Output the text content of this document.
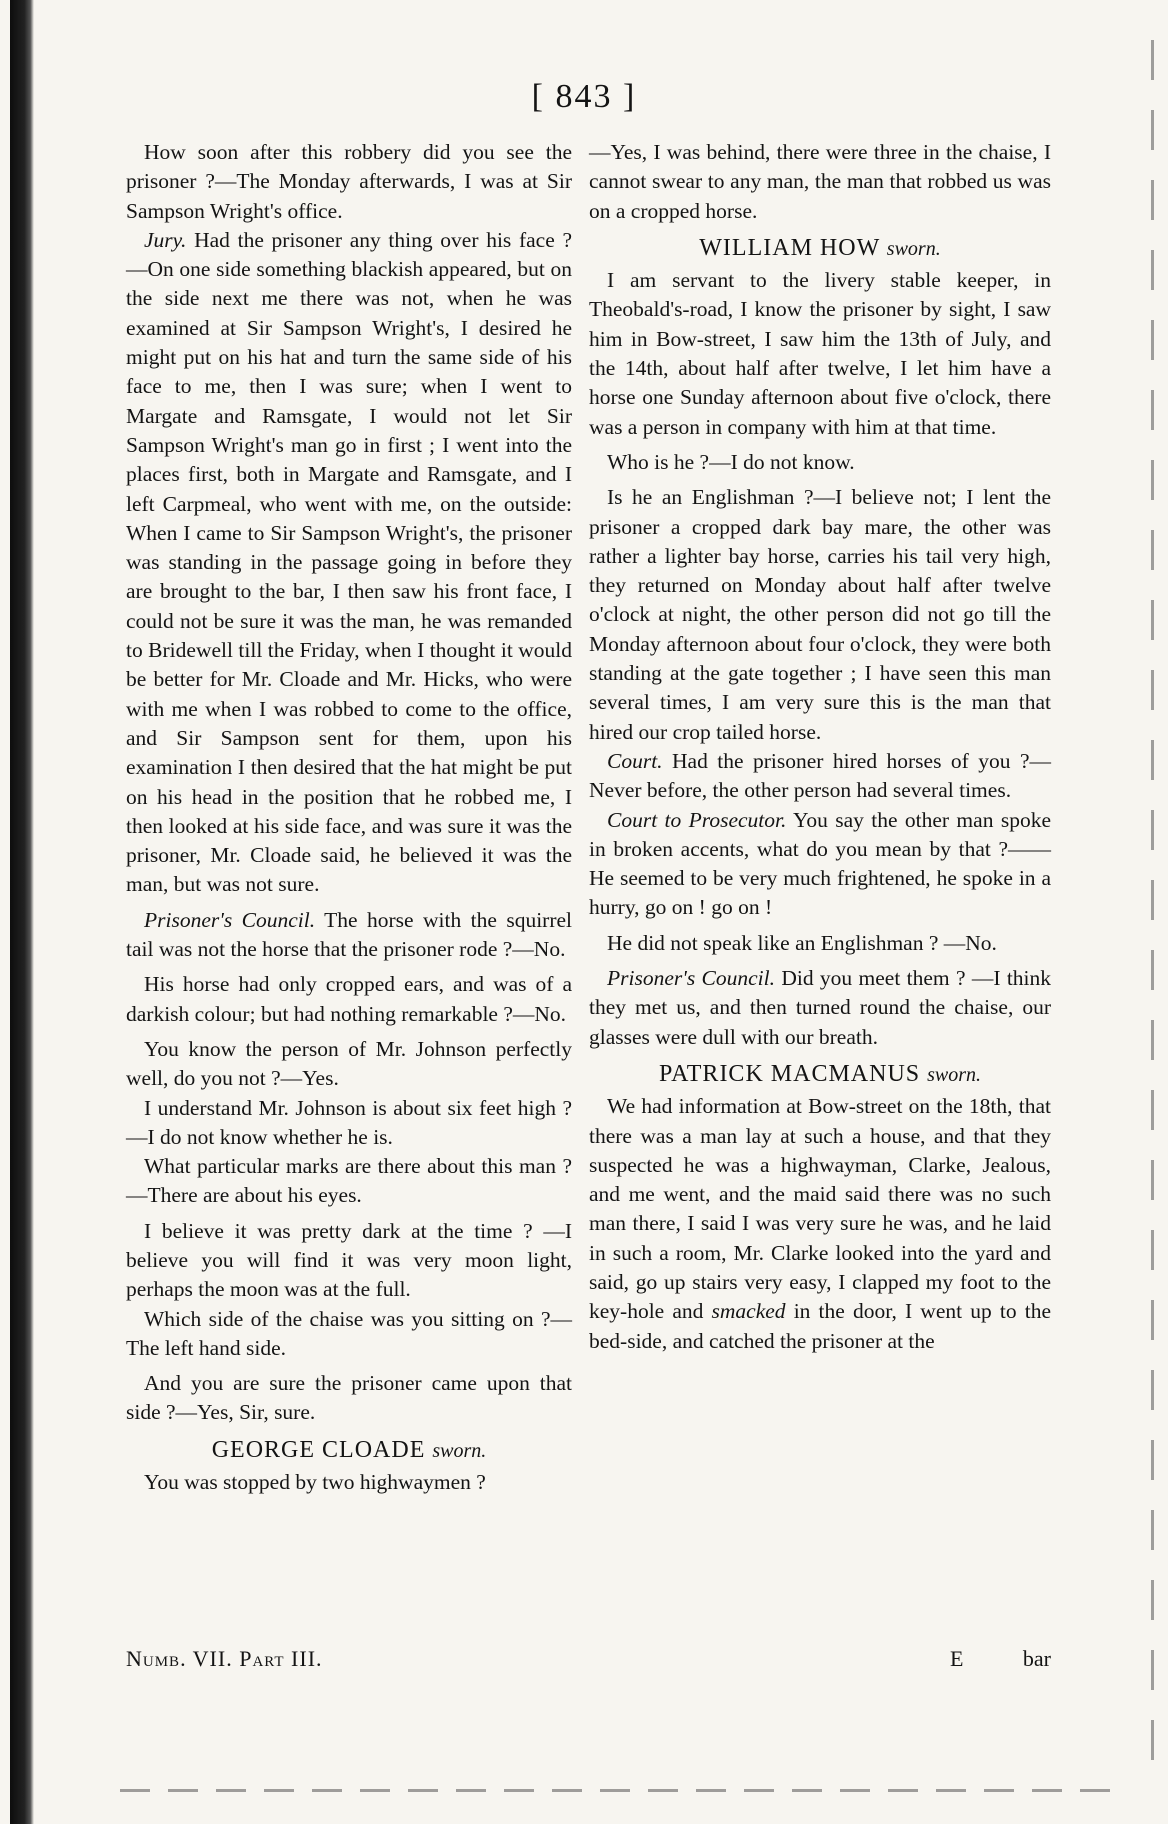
[ 843 ]

How soon after this robbery did you see the prisoner ?—The Monday afterwards, I was at Sir Sampson Wright's office.

Jury. Had the prisoner any thing over his face ?—On one side something blackish appeared, but on the side next me there was not, when he was examined at Sir Sampson Wright's, I desired he might put on his hat and turn the same side of his face to me, then I was sure; when I went to Margate and Ramsgate, I would not let Sir Sampson Wright's man go in first ; I went into the places first, both in Margate and Ramsgate, and I left Carpmeal, who went with me, on the outside: When I came to Sir Sampson Wright's, the prisoner was standing in the passage going in before they are brought to the bar, I then saw his front face, I could not be sure it was the man, he was remanded to Bridewell till the Friday, when I thought it would be better for Mr. Cloade and Mr. Hicks, who were with me when I was robbed to come to the office, and Sir Sampson sent for them, upon his examination I then desired that the hat might be put on his head in the position that he robbed me, I then looked at his side face, and was sure it was the prisoner, Mr. Cloade said, he believed it was the man, but was not sure.

Prisoner's Council. The horse with the squirrel tail was not the horse that the prisoner rode ?—No.

His horse had only cropped ears, and was of a darkish colour; but had nothing remarkable ?—No.

You know the person of Mr. Johnson perfectly well, do you not ?—Yes.

I understand Mr. Johnson is about six feet high ?—I do not know whether he is.

What particular marks are there about this man ?—There are about his eyes.

I believe it was pretty dark at the time ? —I believe you will find it was very moon light, perhaps the moon was at the full.

Which side of the chaise was you sitting on ?—The left hand side.

And you are sure the prisoner came upon that side ?—Yes, Sir, sure.

GEORGE CLOADE sworn.

You was stopped by two highwaymen ?

—Yes, I was behind, there were three in the chaise, I cannot swear to any man, the man that robbed us was on a cropped horse.

WILLIAM HOW sworn.

I am servant to the livery stable keeper, in Theobald's-road, I know the prisoner by sight, I saw him in Bow-street, I saw him the 13th of July, and the 14th, about half after twelve, I let him have a horse one Sunday afternoon about five o'clock, there was a person in company with him at that time.

Who is he ?—I do not know.

Is he an Englishman ?—I believe not; I lent the prisoner a cropped dark bay mare, the other was rather a lighter bay horse, carries his tail very high, they returned on Monday about half after twelve o'clock at night, the other person did not go till the Monday afternoon about four o'clock, they were both standing at the gate together ; I have seen this man several times, I am very sure this is the man that hired our crop tailed horse.

Court. Had the prisoner hired horses of you ?—Never before, the other person had several times.

Court to Prosecutor. You say the other man spoke in broken accents, what do you mean by that ?——He seemed to be very much frightened, he spoke in a hurry, go on ! go on !

He did not speak like an Englishman ? —No.

Prisoner's Council. Did you meet them ? —I think they met us, and then turned round the chaise, our glasses were dull with our breath.

PATRICK MACMANUS sworn.

We had information at Bow-street on the 18th, that there was a man lay at such a house, and that they suspected he was a highwayman, Clarke, Jealous, and me went, and the maid said there was no such man there, I said I was very sure he was, and he laid in such a room, Mr. Clarke looked into the yard and said, go up stairs very easy, I clapped my foot to the key-hole and smacked in the door, I went up to the bed-side, and catched the prisoner at the

Numb. VII. Part III.	E	bar
